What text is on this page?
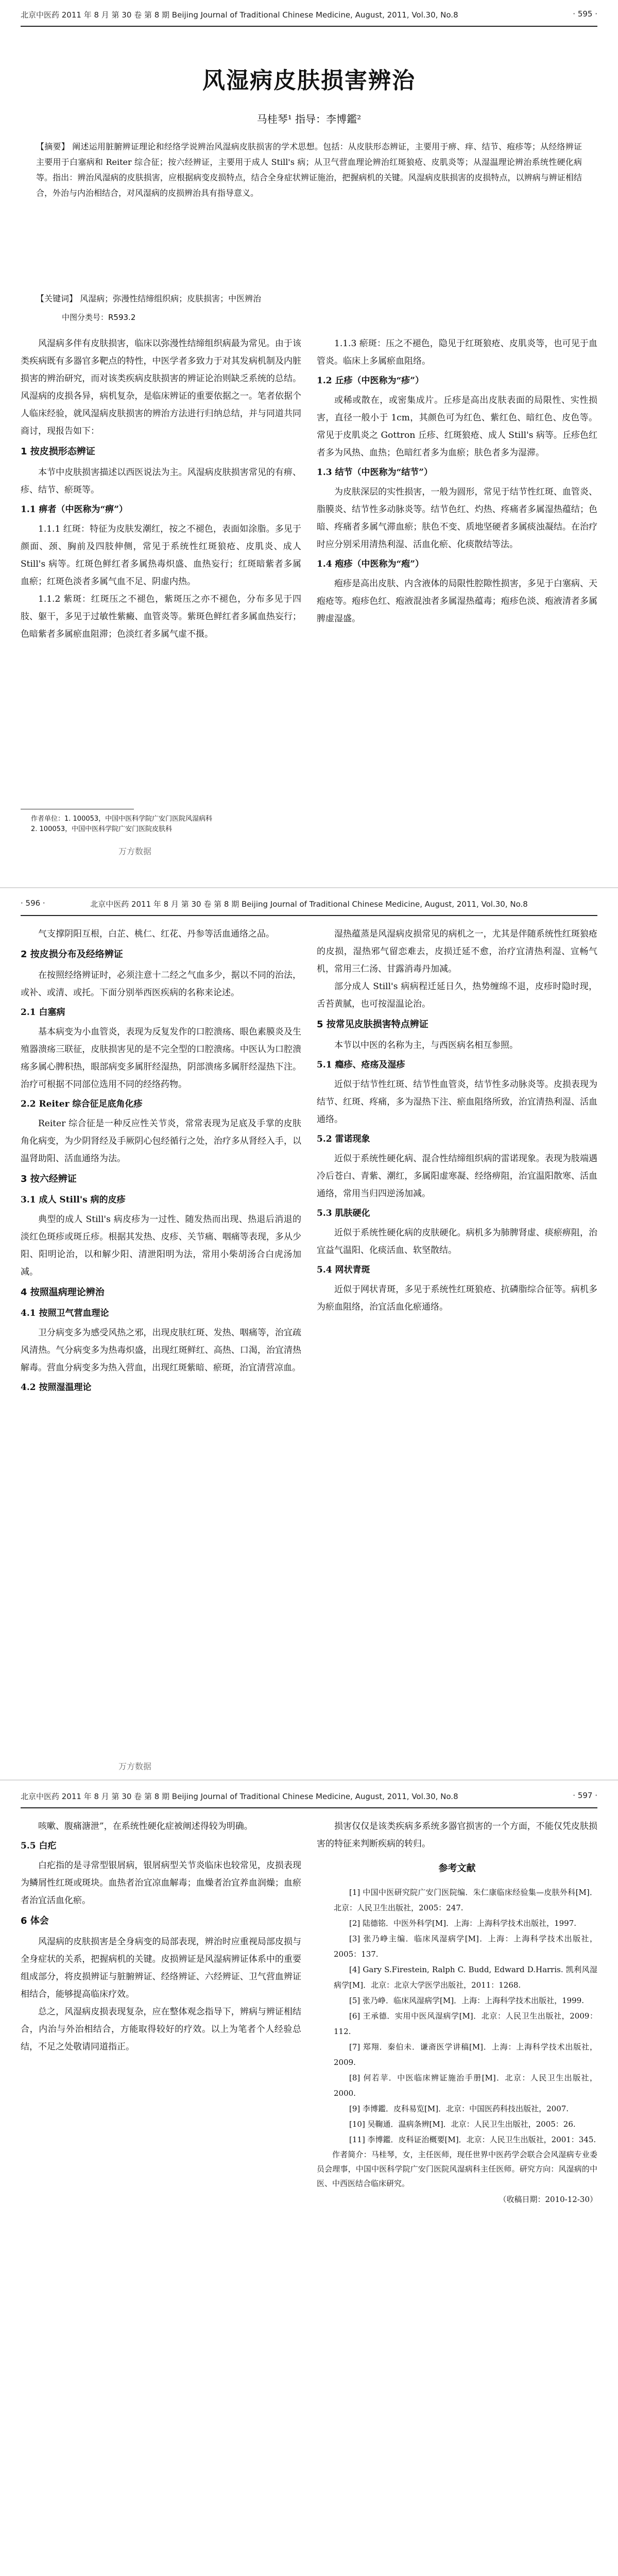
北京中医药 2011 年 8 月 第 30 卷 第 8 期 Beijing Journal of Traditional Chinese Medicine, August, 2011, Vol.30, No.8	· 595 ·
风湿病皮肤损害辨治
马桂琴¹ 指导：李博鑑²
【摘要】 阐述运用脏腑辨证理论和经络学说辨治风湿病皮肤损害的学术思想。包括：从皮肤形态辨证，主要用于痹、痒、结节、疱疹等；从经络辨证主要用于白塞病和 Reiter 综合征；按六经辨证，主要用于成人 Still's 病；从卫气营血理论辨治红斑狼疮、皮肌炎等；从湿温理论辨治系统性硬化病等。指出：辨治风湿病的皮肤损害，应根据病变皮损特点，结合全身症状辨证施治，把握病机的关键。风湿病皮肤损害的皮损特点，以辨病与辨证相结合，外治与内治相结合，对风湿病的皮损辨治具有指导意义。
【关键词】 风湿病；弥漫性结缔组织病；皮肤损害；中医辨治
中图分类号：R593.2

风湿病多伴有皮肤损害，临床以弥漫性结缔组织病最为常见。由于该类疾病既有多器官多靶点的特性，中医学者多致力于对其发病机制及内脏损害的辨治研究，而对该类疾病皮肤损害的辨证论治则缺乏系统的总结。风湿病的皮损各异，病机复杂，是临床辨证的重要依据之一。笔者依据个人临床经验，就风湿病皮肤损害的辨治方法进行归纳总结，并与同道共同商讨，现报告如下：

1 按皮损形态辨证

本节中皮肤损害描述以西医说法为主。风湿病皮肤损害常见的有痹、疹、结节、瘀斑等。

1.1 痹者（中医称为“痹”）

1.1.1 红斑：特征为皮肤发潮红，按之不褪色，表面如涂脂。多见于颜面、颈、胸前及四肢伸侧，常见于系统性红斑狼疮、皮肌炎、成人 Still's 病等。红斑色鲜红者多属热毒炽盛、血热妄行；红斑暗紫者多属血瘀；红斑色淡者多属气血不足、阴虚内热。

1.1.2 紫斑：红斑压之不褪色，紫斑压之亦不褪色，分布多见于四肢、躯干，多见于过敏性紫癜、血管炎等。紫斑色鲜红者多属血热妄行；色暗紫者多属瘀血阻滞；色淡红者多属气虚不摄。

1.1.3 瘀斑：压之不褪色，隐见于红斑狼疮、皮肌炎等，也可见于血管炎。临床上多属瘀血阻络。

1.2 丘疹（中医称为“疹”）

或稀或散在，或密集成片。丘疹是高出皮肤表面的局限性、实性损害，直径一般小于 1cm，其颜色可为红色、紫红色、暗红色、皮色等。常见于皮肌炎之 Gottron 丘疹、红斑狼疮、成人 Still's 病等。丘疹色红者多为风热、血热；色暗红者多为血瘀；肤色者多为湿滞。

1.3 结节（中医称为“结节”）

为皮肤深层的实性损害，一般为圆形，常见于结节性红斑、血管炎、脂膜炎、结节性多动脉炎等。结节色红、灼热、疼痛者多属湿热蕴结；色暗、疼痛者多属气滞血瘀；肤色不变、质地坚硬者多属痰浊凝结。在治疗时应分别采用清热利湿、活血化瘀、化痰散结等法。

1.4 疱疹（中医称为“疱”）

疱疹是高出皮肤、内含液体的局限性腔隙性损害，多见于白塞病、天疱疮等。疱疹色红、疱液混浊者多属湿热蕴毒；疱疹色淡、疱液清者多属脾虚湿盛。

作者单位：1. 100053，中国中医科学院广安门医院风湿病科
2. 100053，中国中医科学院广安门医院皮肤科
万方数据
· 596 ·	北京中医药 2011 年 8 月 第 30 卷 第 8 期 Beijing Journal of Traditional Chinese Medicine, August, 2011, Vol.30, No.8

气支撑阴阳互根，白芷、桃仁、红花、丹参等活血通络之品。

2 按皮损分布及经络辨证

在按照经络辨证时，必须注意十二经之气血多少，据以不同的治法，或补、或清、或托。下面分别举西医疾病的名称来论述。

2.1 白塞病

基本病变为小血管炎，表现为反复发作的口腔溃疡、眼色素膜炎及生殖器溃疡三联征，皮肤损害见的是不完全型的口腔溃疡。中医认为口腔溃疡多属心脾积热，眼部病变多属肝经湿热，阴部溃疡多属肝经湿热下注。治疗可根据不同部位选用不同的经络药物。

2.2 Reiter 综合征足底角化疹

Reiter 综合征是一种反应性关节炎，常常表现为足底及手掌的皮肤角化病变，为少阴肾经及手厥阴心包经循行之处，治疗多从肾经入手，以温肾助阳、活血通络为法。

3 按六经辨证
3.1 成人 Still's 病的皮疹

典型的成人 Still's 病皮疹为一过性、随发热而出现、热退后消退的淡红色斑疹或斑丘疹。根据其发热、皮疹、关节痛、咽痛等表现，多从少阳、阳明论治，以和解少阳、清泄阳明为法，常用小柴胡汤合白虎汤加减。

4 按照温病理论辨治
4.1 按照卫气营血理论

卫分病变多为感受风热之邪，出现皮肤红斑、发热、咽痛等，治宜疏风清热。气分病变多为热毒炽盛，出现红斑鲜红、高热、口渴，治宜清热解毒。营血分病变多为热入营血，出现红斑紫暗、瘀斑，治宜清营凉血。

4.2 按照湿温理论

湿热蕴蒸是风湿病皮损常见的病机之一，尤其是伴随系统性红斑狼疮的皮损，湿热邪气留恋难去，皮损迁延不愈，治疗宜清热利湿、宣畅气机，常用三仁汤、甘露消毒丹加减。

部分成人 Still's 病病程迁延日久，热势缠绵不退，皮疹时隐时现，舌苔黄腻，也可按湿温论治。

5 按常见皮肤损害特点辨证

本节以中医的名称为主，与西医病名相互参照。

5.1 瘾疹、疮疡及湿疹

近似于结节性红斑、结节性血管炎，结节性多动脉炎等。皮损表现为结节、红斑、疼痛，多为湿热下注、瘀血阻络所致，治宜清热利湿、活血通络。

5.2 雷诺现象

近似于系统性硬化病、混合性结缔组织病的雷诺现象。表现为肢端遇冷后苍白、青紫、潮红，多属阳虚寒凝、经络痹阻，治宜温阳散寒、活血通络，常用当归四逆汤加减。

5.3 肌肤硬化

近似于系统性硬化病的皮肤硬化。病机多为肺脾肾虚、痰瘀痹阻，治宜益气温阳、化痰活血、软坚散结。

5.4 网状青斑

近似于网状青斑，多见于系统性红斑狼疮、抗磷脂综合征等。病机多为瘀血阻络，治宜活血化瘀通络。

万方数据
北京中医药 2011 年 8 月 第 30 卷 第 8 期 Beijing Journal of Traditional Chinese Medicine, August, 2011, Vol.30, No.8	· 597 ·

咳嗽、腹痛溏泄”，在系统性硬化症被阐述得较为明确。

5.5 白疕

白疕指的是寻常型银屑病，银屑病型关节炎临床也较常见，皮损表现为鳞屑性红斑或斑块。血热者治宜凉血解毒；血燥者治宜养血润燥；血瘀者治宜活血化瘀。

6 体会

风湿病的皮肤损害是全身病变的局部表现，辨治时应重视局部皮损与全身症状的关系，把握病机的关键。皮损辨证是风湿病辨证体系中的重要组成部分，将皮损辨证与脏腑辨证、经络辨证、六经辨证、卫气营血辨证相结合，能够提高临床疗效。

总之，风湿病皮损表现复杂，应在整体观念指导下，辨病与辨证相结合，内治与外治相结合，方能取得较好的疗效。以上为笔者个人经验总结，不足之处敬请同道指正。

损害仅仅是该类疾病多系统多器官损害的一个方面，不能仅凭皮肤损害的特征来判断疾病的转归。

参考文献

[1] 中国中医研究院广安门医院编．朱仁康临床经验集—皮肤外科[M]．北京：人民卫生出版社，2005：247.

[2] 陆德铭．中医外科学[M]．上海：上海科学技术出版社，1997.

[3] 张乃峥主编．临床风湿病学[M]．上海：上海科学技术出版社，2005：137.

[4] Gary S.Firestein, Ralph C. Budd, Edward D.Harris. 凯利风湿病学[M]．北京：北京大学医学出版社，2011：1268.

[5] 张乃峥．临床风湿病学[M]．上海：上海科学技术出版社，1999.

[6] 王承德．实用中医风湿病学[M]．北京：人民卫生出版社，2009：112.

[7] 郑翔．秦伯未．谦斋医学讲稿[M]．上海：上海科学技术出版社，2009.

[8] 何若苹．中医临床辨证施治手册[M]．北京：人民卫生出版社，2000.

[9] 李博鑑．皮科易览[M]．北京：中国医药科技出版社，2007.

[10] 吴鞠通．温病条辨[M]．北京：人民卫生出版社，2005：26.

[11] 李博鑑．皮科证治概要[M]．北京：人民卫生出版社，2001：345.

作者简介：马桂琴，女，主任医师，现任世界中医药学会联合会风湿病专业委员会理事，中国中医科学院广安门医院风湿病科主任医师。研究方向：风湿病的中医、中西医结合临床研究。

（收稿日期：2010-12-30）
